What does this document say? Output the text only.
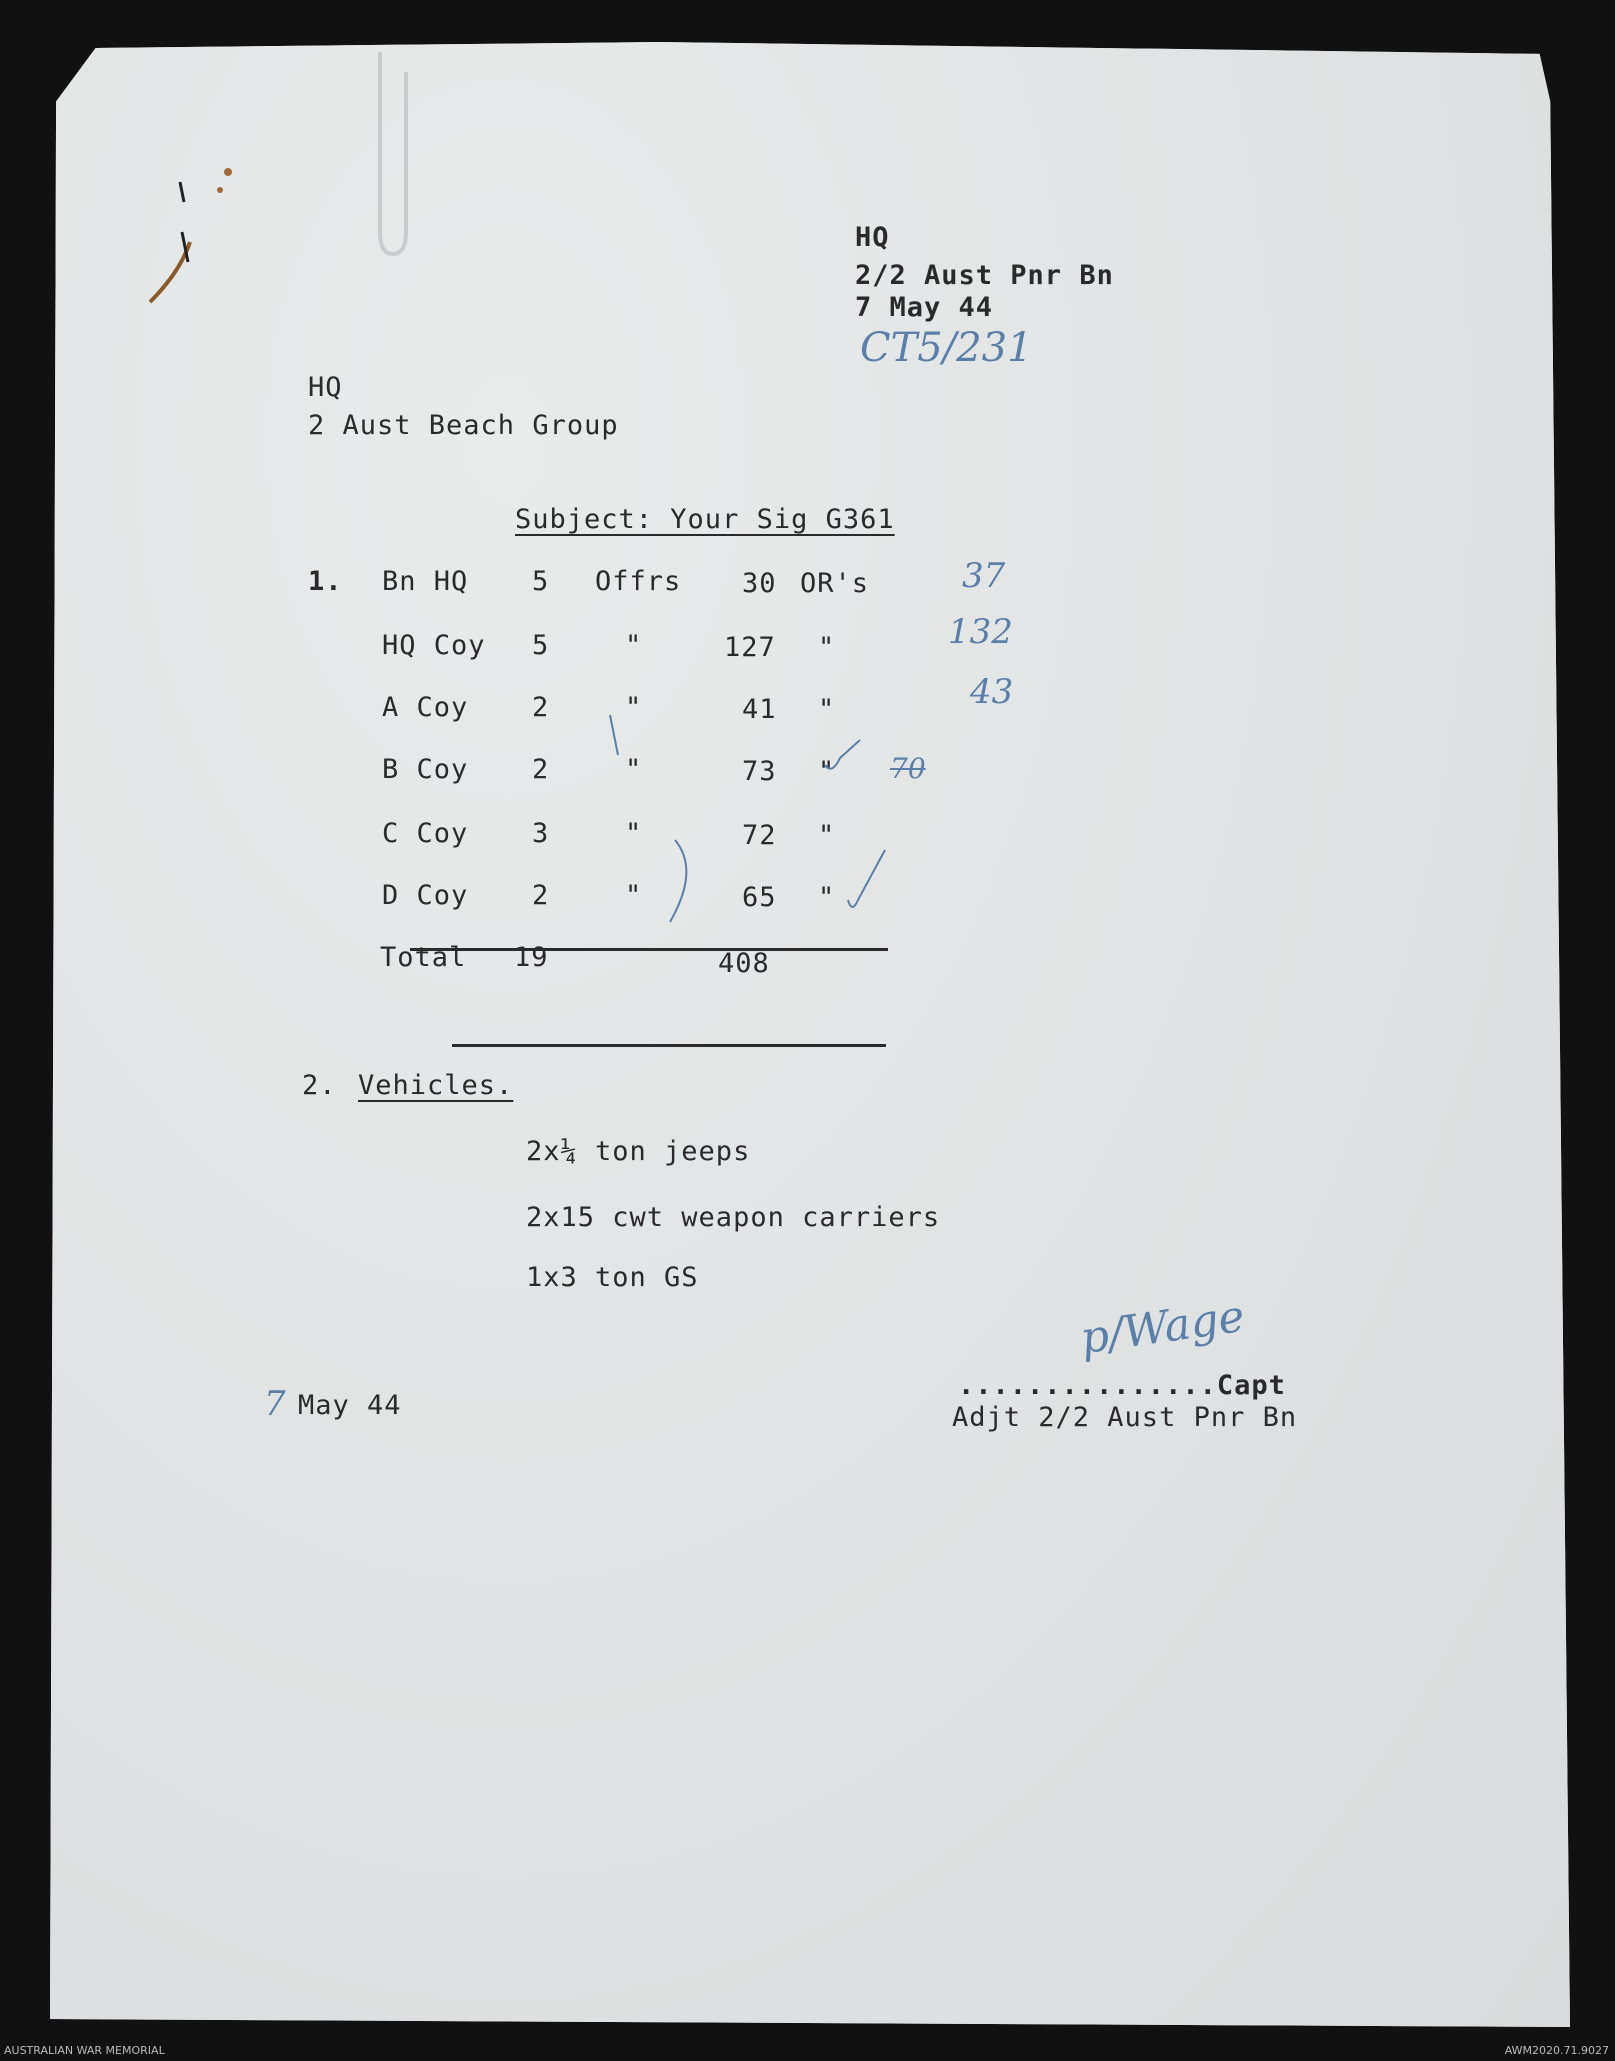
HQ
2/2 Aust Pnr Bn
7 May 44
CT5/231
HQ
2 Aust Beach Group
Subject: Your Sig G361
1. Bn HQ 5 Offrs 30 OR's	37
HQ Coy 5	"	127 "	132
A Coy 2	"	41 "	43
B Coy 2	"	73 " 70
C Coy 3	"	72 "
D Coy 2	"	65 "
Total 19	408
2. Vehicles.
2x¼ ton jeeps
2x15 cwt weapon carriers
1x3 ton GS
7 May 44
p/Wage
...............Capt
Adjt 2/2 Aust Pnr Bn
AUSTRALIAN WAR MEMORIAL	AWM2020.71.9027
